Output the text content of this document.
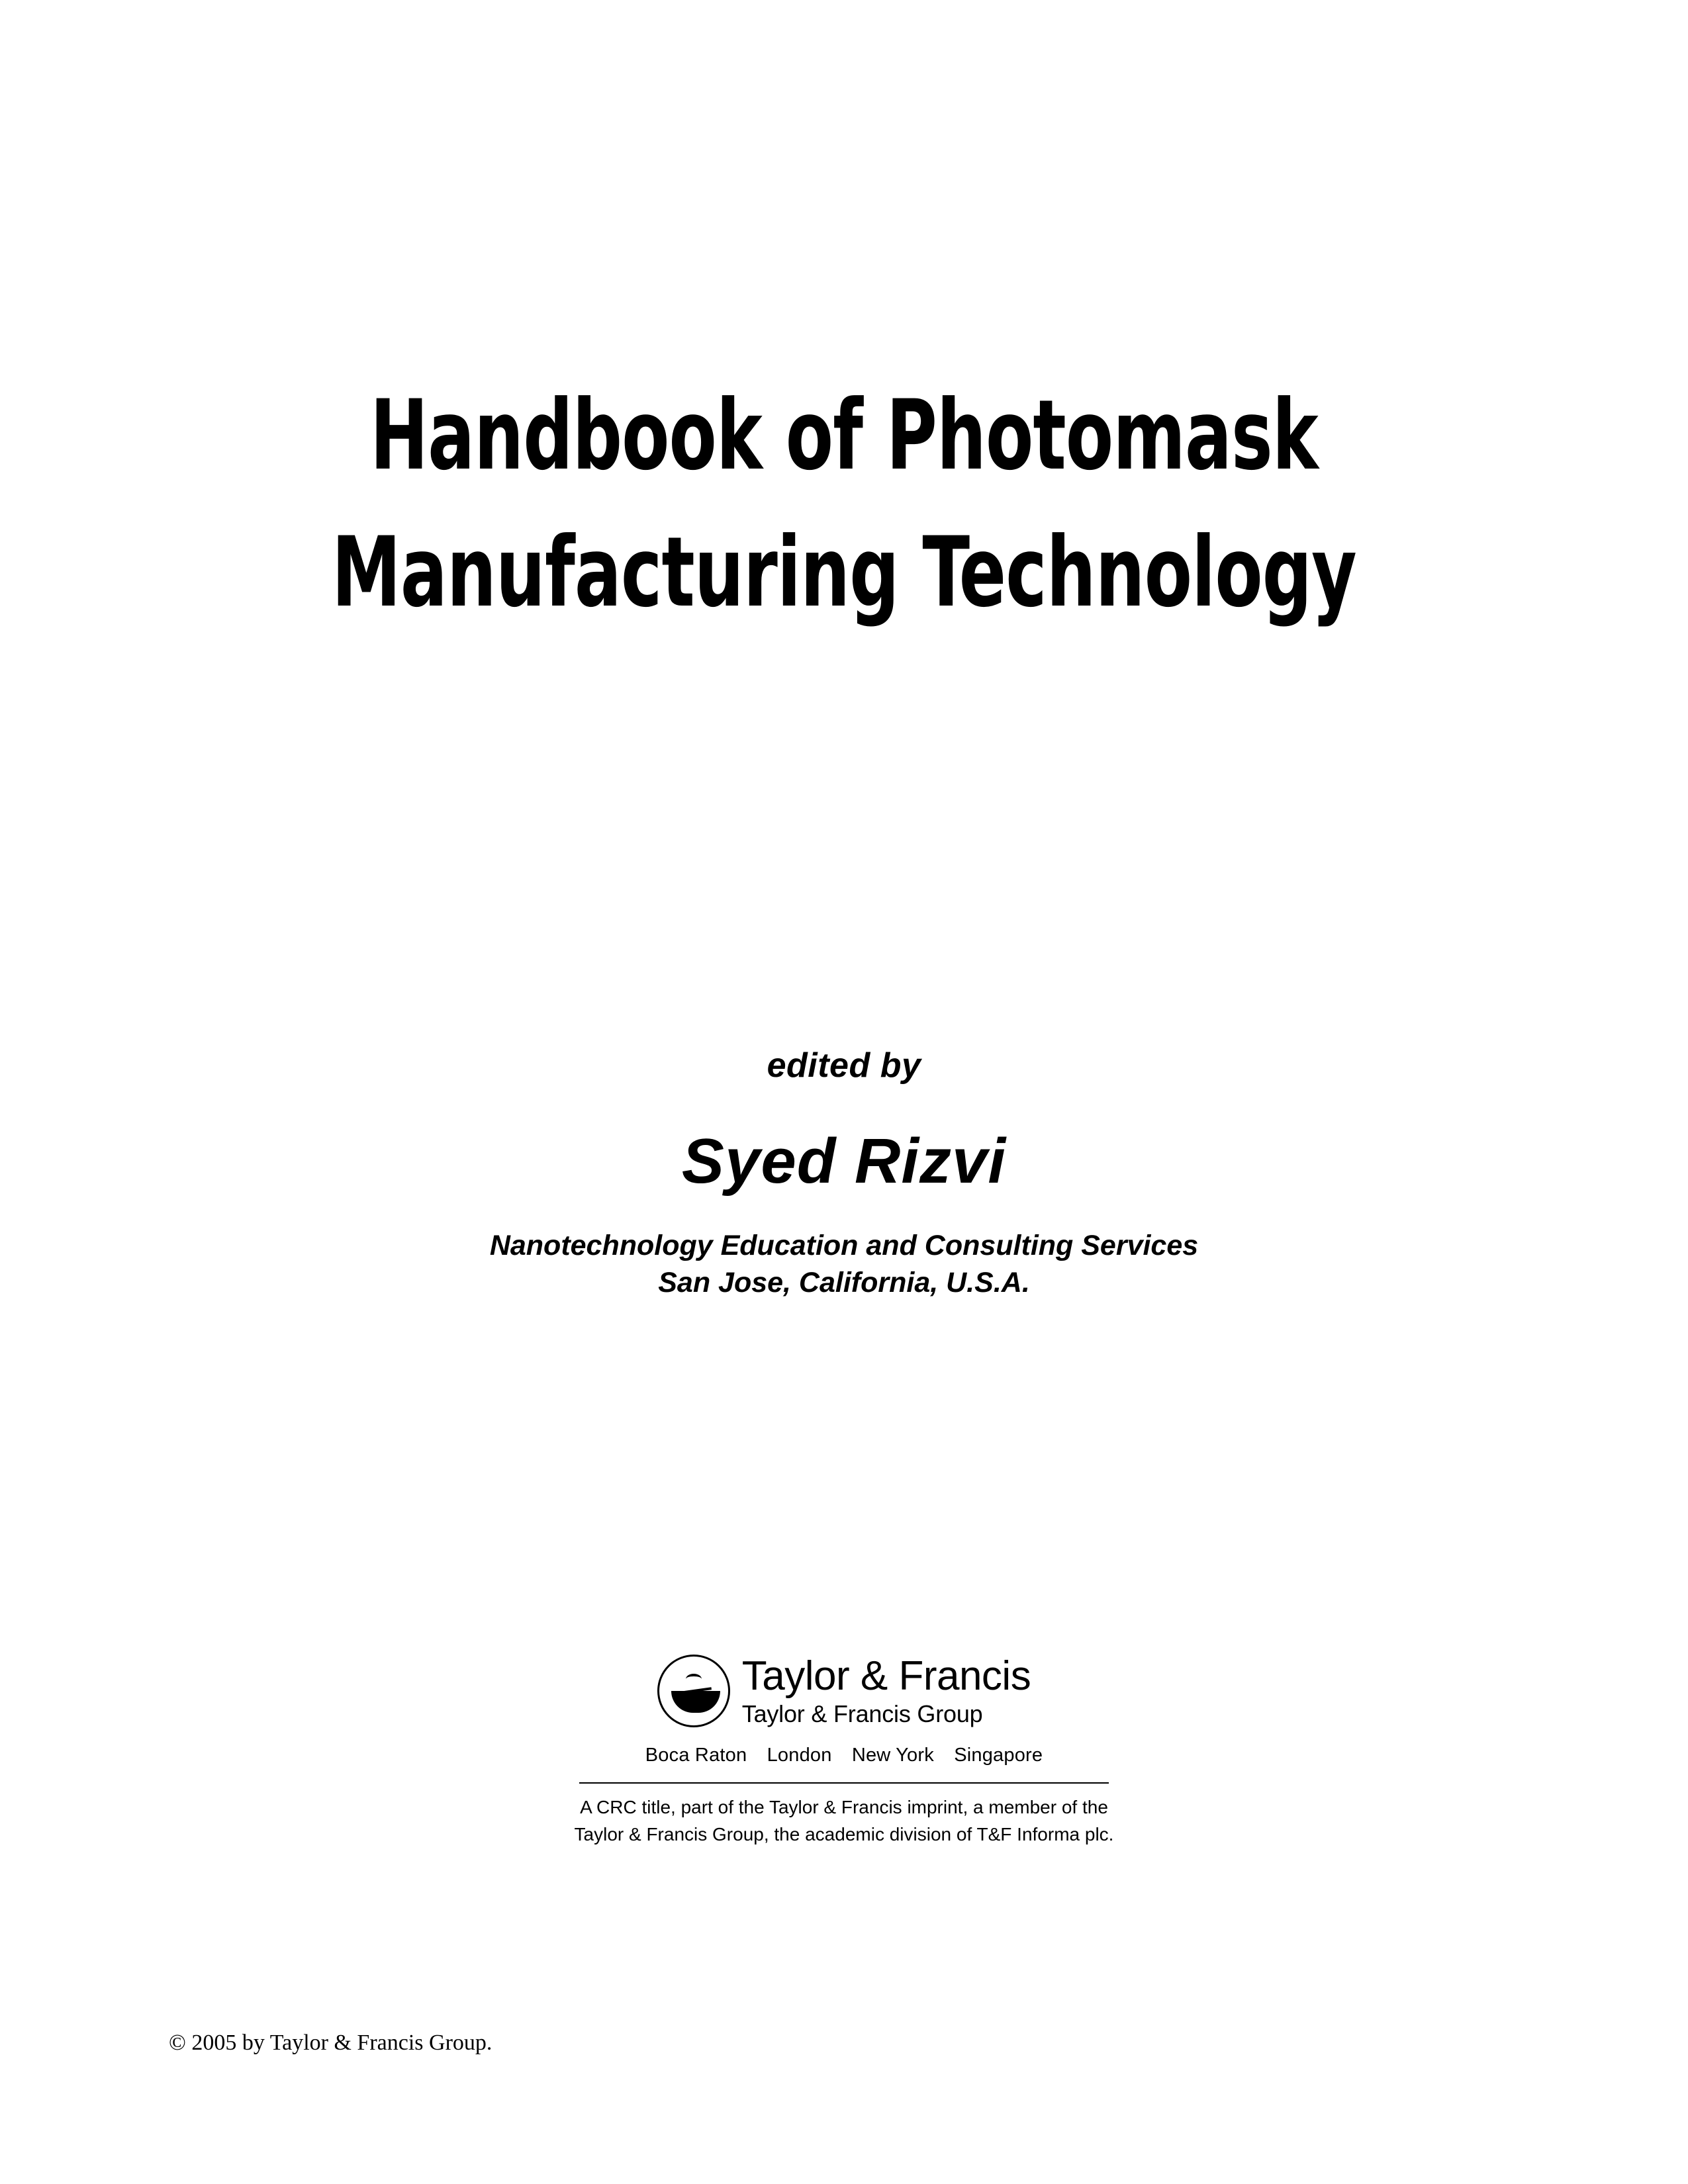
Handbook of Photomask
Manufacturing Technology
edited by
Syed Rizvi
Nanotechnology Education and Consulting Services
San Jose, California, U.S.A.
Taylor & Francis
Taylor & Francis Group
Boca Raton London New York Singapore
A CRC title, part of the Taylor & Francis imprint, a member of the
Taylor & Francis Group, the academic division of T&F Informa plc.
© 2005 by Taylor & Francis Group.
